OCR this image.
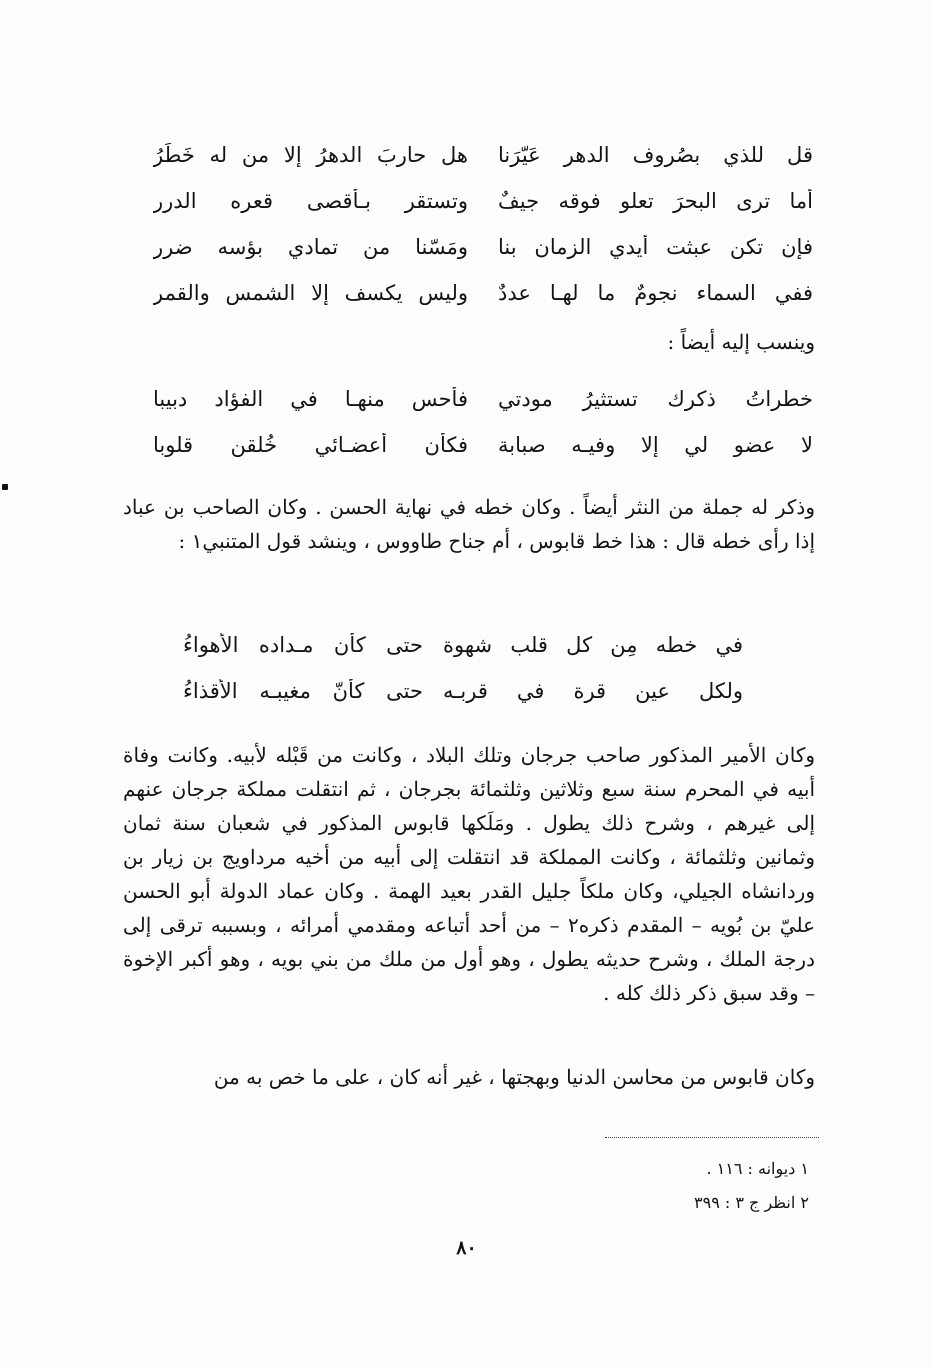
قل للذي بصُروف الدهر عَيّرَنا
هل حاربَ الدهرُ إلا من له خَطَرُ
أما ترى البحرَ تعلو فوقه جيفٌ
وتستقر بـأقصى قعره الدرر
فإن تكن عبثت أيدي الزمان بنا
ومَسّنا من تمادي بؤسه ضرر
ففي السماء نجومٌ ما لهـا عددٌ
وليس يكسف إلا الشمس والقمر
وينسب إليه أيضاً :
خطراتُ ذكرك تستثيرُ مودتي
فأحس منهـا في الفؤاد دبيبا
لا عضو لي إلا وفيـه صبابة
فكأن أعضـائي خُلقن قلوبا

وذكر له جملة من النثر أيضاً . وكان خطه في نهاية الحسن . وكان الصاحب بن عباد إذا رأى خطه قال : هذا خط قابوس ، أم جناح طاووس ، وينشد قول المتنبي١ :

في خطه مِن كل قلب شهوة
حتى كأن مـداده الأهواءُ
ولكل عينٍ قرة في قربـه
حتى كأنّ مغيبـه الأقذاءُ

وكان الأمير المذكور صاحب جرجان وتلك البلاد ، وكانت من قَبْله لأبيه. وكانت وفاة أبيه في المحرم سنة سبع وثلاثين وثلثمائة بجرجان ، ثم انتقلت مملكة جرجان عنهم إلى غيرهم ، وشرح ذلك يطول . ومَلَكها قابوس المذكور في شعبان سنة ثمان وثمانين وثلثمائة ، وكانت المملكة قد انتقلت إلى أبيه من أخيه مرداويج بن زيار بن وردانشاه الجيلي، وكان ملكاً جليل القدر بعيد الهمة . وكان عماد الدولة أبو الحسن عليّ بن بُويه – المقدم ذكره٢ – من أحد أتباعه ومقدمي أمرائه ، وبسببه ترقى إلى درجة الملك ، وشرح حديثه يطول ، وهو أول من ملك من بني بويه ، وهو أكبر الإخوة – وقد سبق ذكر ذلك كله .

وكان قابوس من محاسن الدنيا وبهجتها ، غير أنه كان ، على ما خص به من

١ ديوانه : ١١٦ .
٢ انظر ج ٣ : ٣٩٩
٨٠
